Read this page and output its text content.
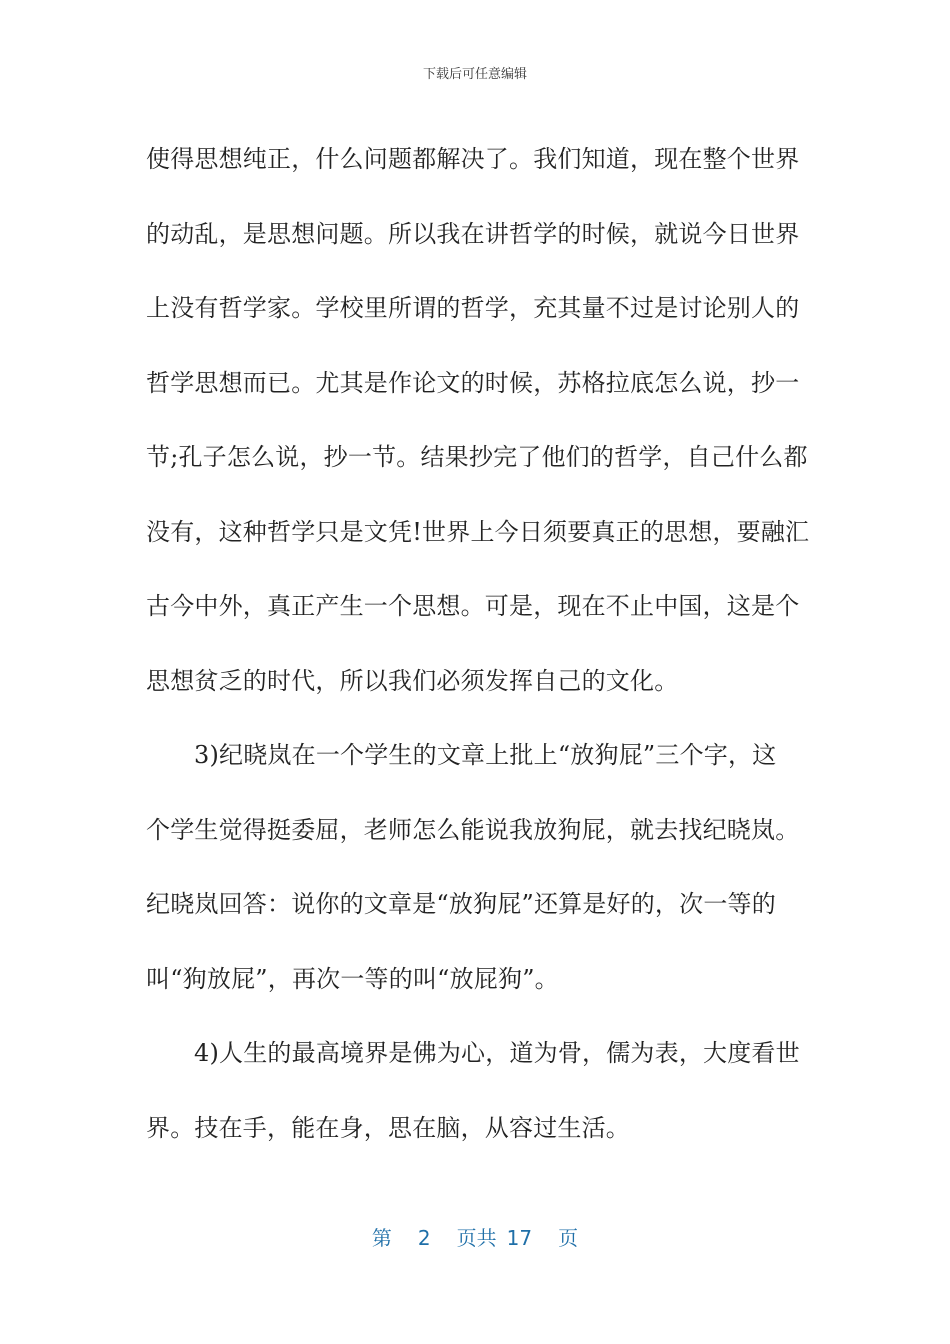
下载后可任意编辑

使得思想纯正，什么问题都解决了。我们知道，现在整个世界
的动乱，是思想问题。所以我在讲哲学的时候，就说今日世界
上没有哲学家。学校里所谓的哲学，充其量不过是讨论别人的
哲学思想而已。尤其是作论文的时候，苏格拉底怎么说，抄一
节;孔子怎么说，抄一节。结果抄完了他们的哲学，自己什么都
没有，这种哲学只是文凭!世界上今日须要真正的思想，要融汇
古今中外，真正产生一个思想。可是，现在不止中国，这是个
思想贫乏的时代，所以我们必须发挥自己的文化。

3)纪晓岚在一个学生的文章上批上“放狗屁”三个字，这
个学生觉得挺委屈，老师怎么能说我放狗屁，就去找纪晓岚。
纪晓岚回答：说你的文章是“放狗屁”还算是好的，次一等的
叫“狗放屁”，再次一等的叫“放屁狗”。

4)人生的最高境界是佛为心，道为骨，儒为表，大度看世
界。技在手，能在身，思在脑，从容过生活。

第 2 页共 17 页
